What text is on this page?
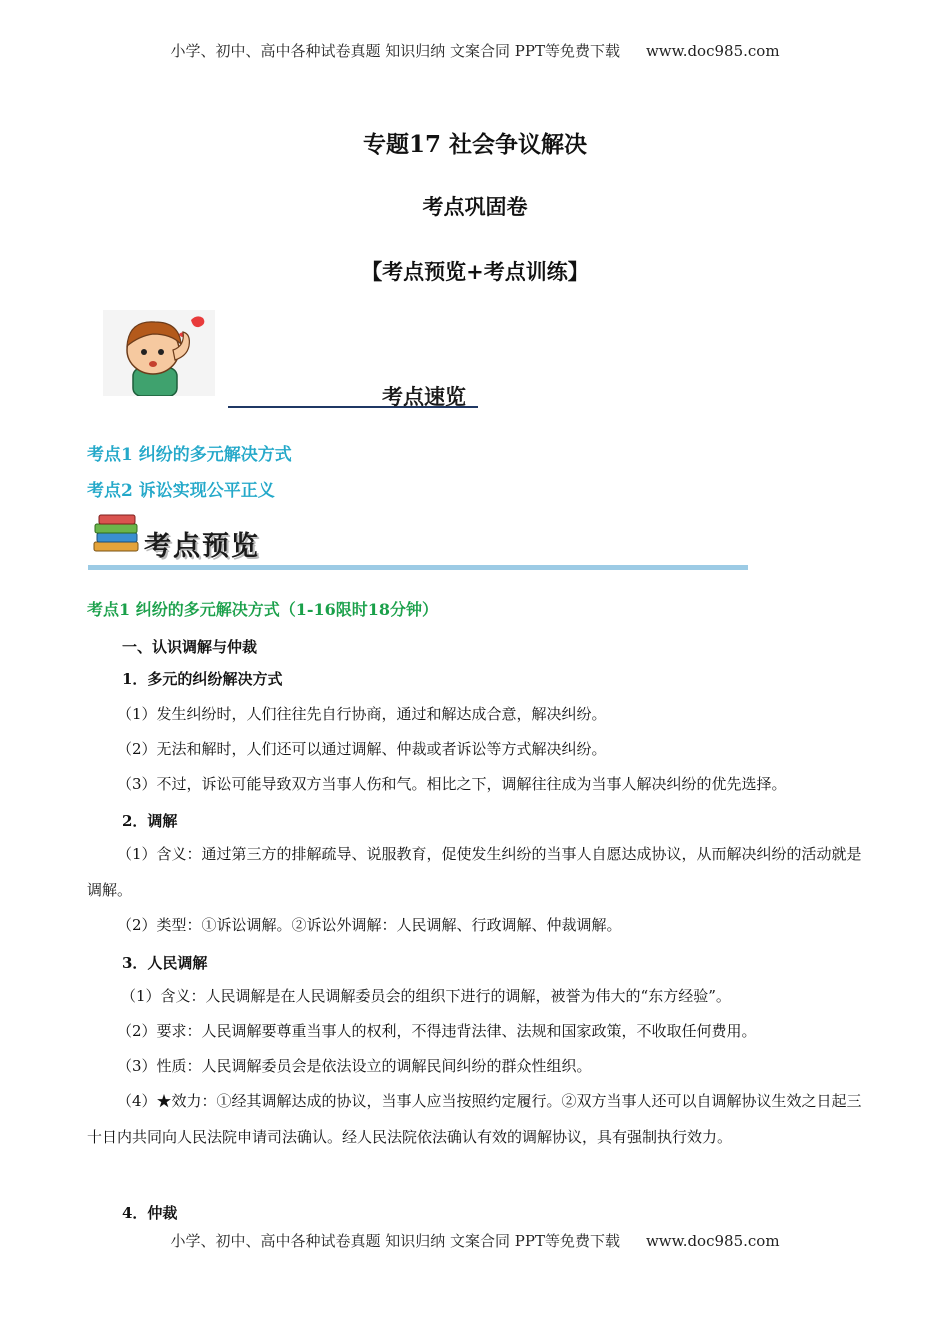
小学、初中、高中各种试卷真题 知识归纳 文案合同 PPT等免费下载 www.doc985.com
专题17 社会争议解决
考点巩固卷
【考点预览+考点训练】
考点速览
考点1 纠纷的多元解决方式
考点2 诉讼实现公平正义
考点预览
考点1 纠纷的多元解决方式（1-16限时18分钟）
一、认识调解与仲裁
1．多元的纠纷解决方式
（1）发生纠纷时，人们往往先自行协商，通过和解达成合意，解决纠纷。
（2）无法和解时，人们还可以通过调解、仲裁或者诉讼等方式解决纠纷。
（3）不过，诉讼可能导致双方当事人伤和气。相比之下，调解往往成为当事人解决纠纷的优先选择。
2．调解
（1）含义：通过第三方的排解疏导、说服教育，促使发生纠纷的当事人自愿达成协议，从而解决纠纷的活动就是调解。
（2）类型：①诉讼调解。②诉讼外调解：人民调解、行政调解、仲裁调解。
3．人民调解
（1）含义：人民调解是在人民调解委员会的组织下进行的调解，被誉为伟大的“东方经验”。
（2）要求：人民调解要尊重当事人的权利，不得违背法律、法规和国家政策，不收取任何费用。
（3）性质：人民调解委员会是依法设立的调解民间纠纷的群众性组织。
（4）★效力：①经其调解达成的协议，当事人应当按照约定履行。②双方当事人还可以自调解协议生效之日起三十日内共同向人民法院申请司法确认。经人民法院依法确认有效的调解协议，具有强制执行效力。
4．仲裁
小学、初中、高中各种试卷真题 知识归纳 文案合同 PPT等免费下载 www.doc985.com
